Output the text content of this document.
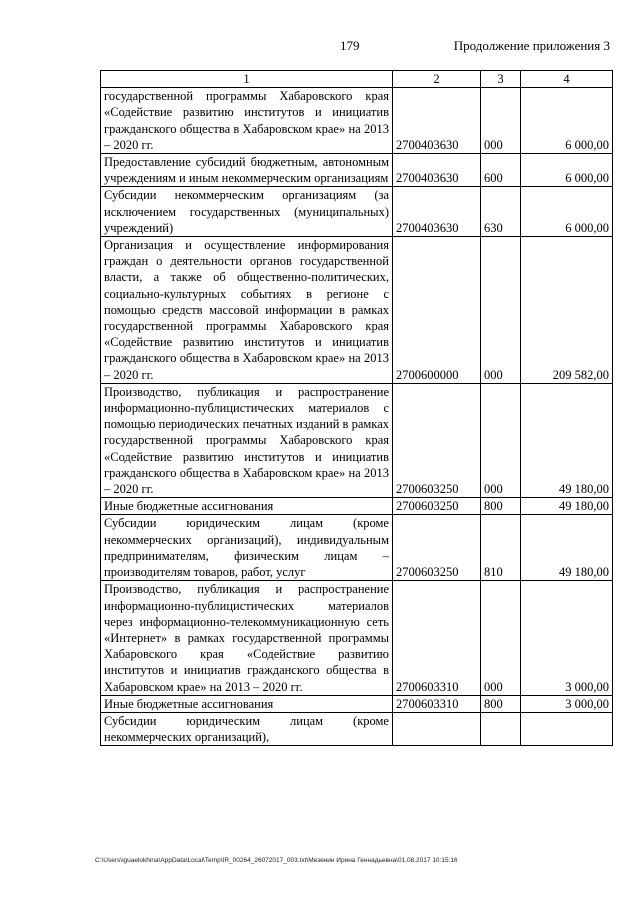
179	Продолжение приложения 3
1	2	3	4
государственной программы Хабаровского края «Содействие развитию институтов и инициатив гражданского общества в Хабаровском крае» на 2013 – 2020 гг.	2700403630	000	6 000,00
Предоставление субсидий бюджетным, автономным учреждениям и иным некоммерческим организациям	2700403630	600	6 000,00
Субсидии некоммерческим организациям (за исключением государственных (муниципальных) учреждений)	2700403630	630	6 000,00
Организация и осуществление информирования граждан о деятельности органов государственной власти, а также об общественно-политических, социально-культурных событиях в регионе с помощью средств массовой информации в рамках государственной программы Хабаровского края «Содействие развитию институтов и инициатив гражданского общества в Хабаровском крае» на 2013 – 2020 гг.	2700600000	000	209 582,00
Производство, публикация и распространение информационно-публицистических материалов с помощью периодических печатных изданий в рамках государственной программы Хабаровского края «Содействие развитию институтов и инициатив гражданского общества в Хабаровском крае» на 2013 – 2020 гг.	2700603250	000	49 180,00
Иные бюджетные ассигнования	2700603250	800	49 180,00
Субсидии юридическим лицам (кроме некоммерческих организаций), индивидуальным предпринимателям, физическим лицам – производителям товаров, работ, услуг	2700603250	810	49 180,00
Производство, публикация и распространение информационно-публицистических материалов через информационно-телекоммуникационную сеть «Интернет» в рамках государственной программы Хабаровского края «Содействие развитию институтов и инициатив гражданского общества в Хабаровском крае» на 2013 – 2020 гг.	2700603310	000	3 000,00
Иные бюджетные ассигнования	2700603310	800	3 000,00
Субсидии юридическим лицам (кроме некоммерческих организаций),			
C:\Users\iguaelokhina\AppData\Local\Temp\IR_00264_26072017_003.txt\Мезенин Ирина Геннадьевна\01.08.2017 10:15:16
